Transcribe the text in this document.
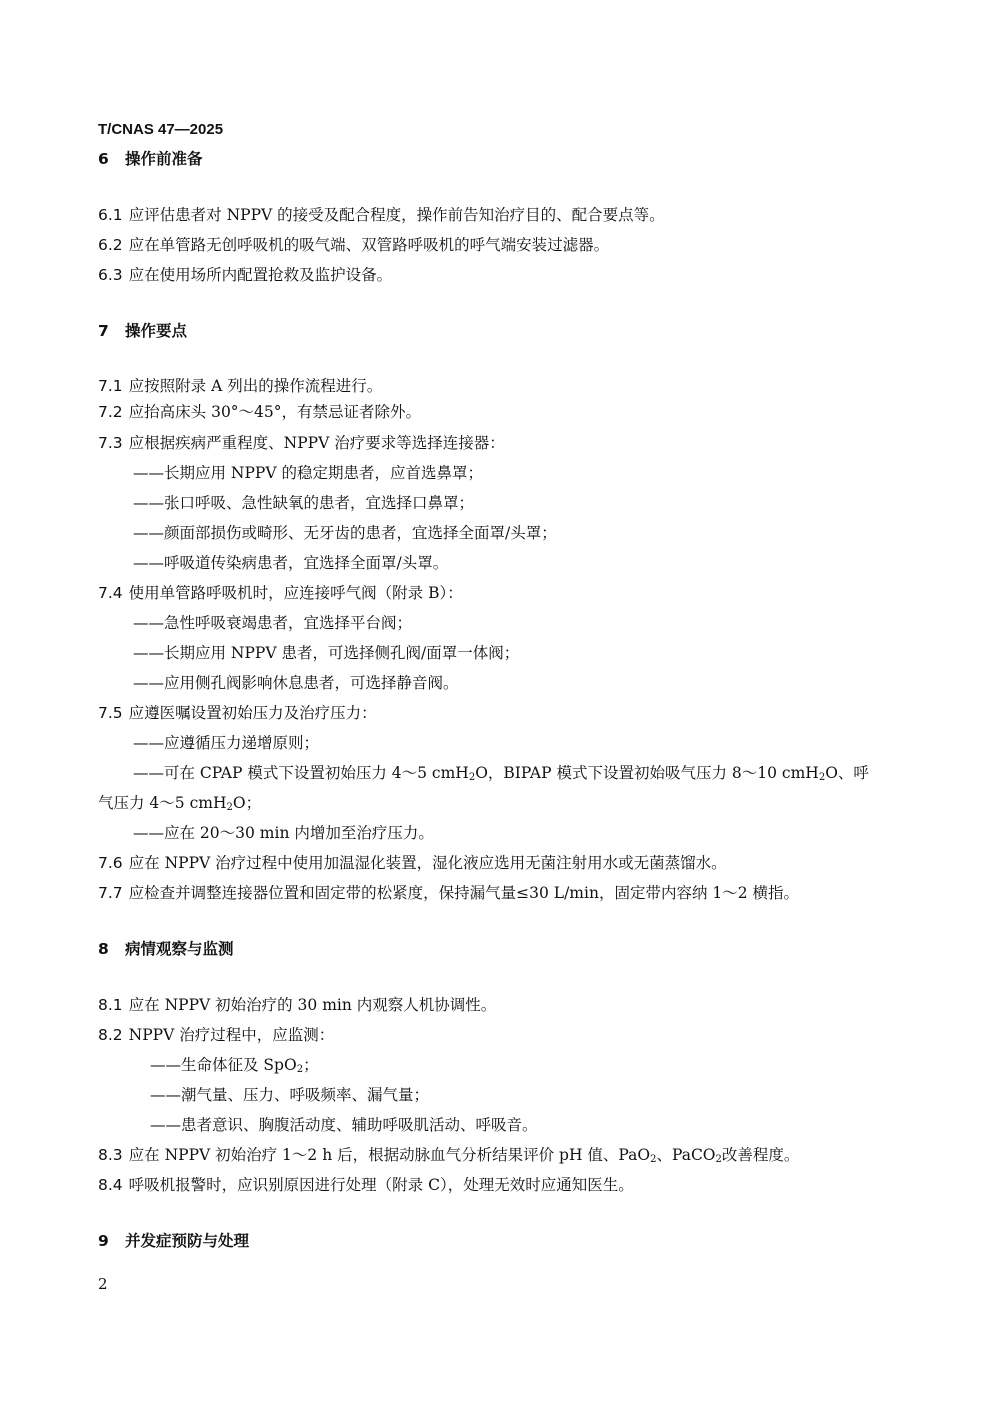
T/CNAS 47—2025
6 操作前准备
6.1 应评估患者对 NPPV 的接受及配合程度，操作前告知治疗目的、配合要点等。
6.2 应在单管路无创呼吸机的吸气端、双管路呼吸机的呼气端安装过滤器。
6.3 应在使用场所内配置抢救及监护设备。
7 操作要点
7.1 应按照附录 A 列出的操作流程进行。
7.2 应抬高床头 30°～45°，有禁忌证者除外。
7.3 应根据疾病严重程度、NPPV 治疗要求等选择连接器：
——长期应用 NPPV 的稳定期患者，应首选鼻罩；
——张口呼吸、急性缺氧的患者，宜选择口鼻罩；
——颜面部损伤或畸形、无牙齿的患者，宜选择全面罩/头罩；
——呼吸道传染病患者，宜选择全面罩/头罩。
7.4 使用单管路呼吸机时，应连接呼气阀（附录 B）：
——急性呼吸衰竭患者，宜选择平台阀；
——长期应用 NPPV 患者，可选择侧孔阀/面罩一体阀；
——应用侧孔阀影响休息患者，可选择静音阀。
7.5 应遵医嘱设置初始压力及治疗压力：
——应遵循压力递增原则；
——可在 CPAP 模式下设置初始压力 4～5 cmH$_2$O，BIPAP 模式下设置初始吸气压力 8～10 cmH$_2$O、呼
气压力 4～5 cmH$_2$O；
——应在 20～30 min 内增加至治疗压力。
7.6 应在 NPPV 治疗过程中使用加温湿化装置，湿化液应选用无菌注射用水或无菌蒸馏水。
7.7 应检查并调整连接器位置和固定带的松紧度，保持漏气量≤30 L/min，固定带内容纳 1～2 横指。
8 病情观察与监测
8.1 应在 NPPV 初始治疗的 30 min 内观察人机协调性。
8.2 NPPV 治疗过程中，应监测：
——生命体征及 SpO$_2$；
——潮气量、压力、呼吸频率、漏气量；
——患者意识、胸腹活动度、辅助呼吸肌活动、呼吸音。
8.3 应在 NPPV 初始治疗 1～2 h 后，根据动脉血气分析结果评价 pH 值、PaO$_2$、PaCO$_2$改善程度。
8.4 呼吸机报警时，应识别原因进行处理（附录 C），处理无效时应通知医生。
9 并发症预防与处理
2
